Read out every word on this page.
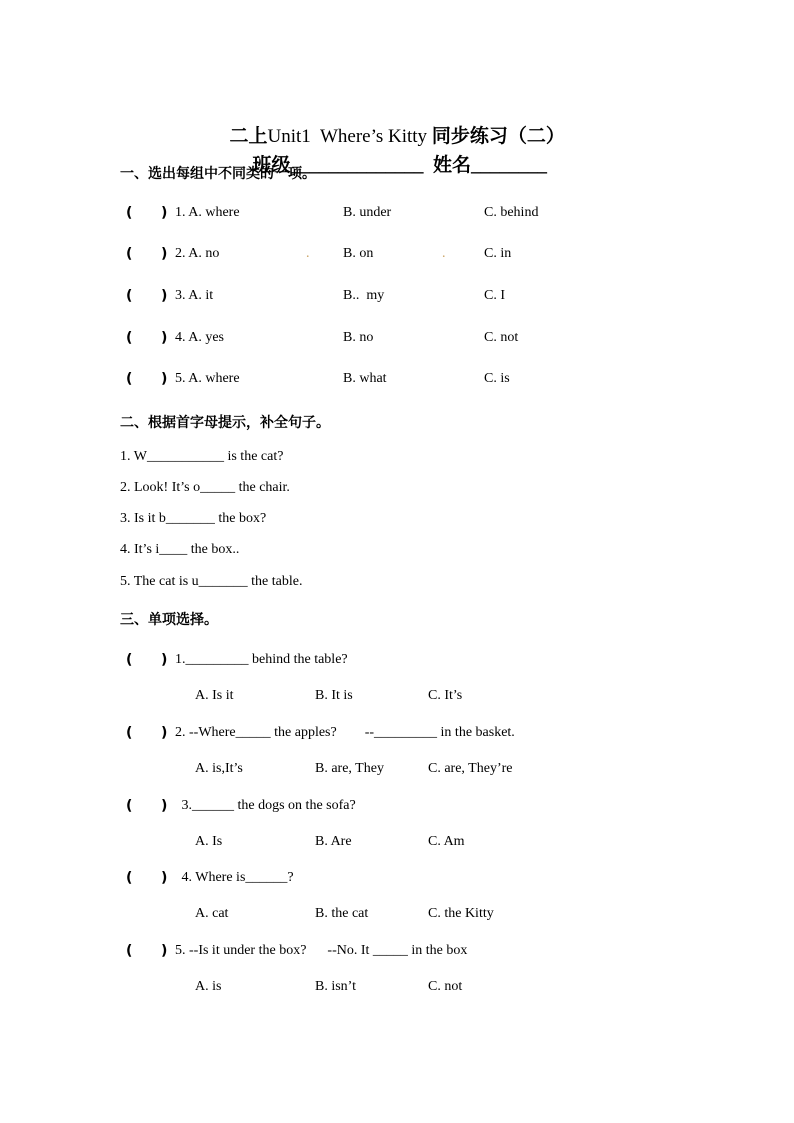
二上Unit1  Where’s Kitty 同步练习（二）

班级______________ 姓名________

一、选出每组中不同类的一项。
( ) 1. A. where	B. under	C. behind
( ) 2. A. no	. B. on	.	C. in
( ) 3. A. it	B..  my	C. I
( ) 4. A. yes	B. no	C. not
( ) 5. A. where	B. what	C. is
二、根据首字母提示，补全句子。
1. W___________ is the cat?
2. Look! It’s o_____ the chair.
3. Is it b_______ the box?
4. It’s i____ the box..
5. The cat is u_______ the table.
三、单项选择。
( ) 1._________ behind the table?
A. Is it	B. It is	C. It’s
( ) 2. --Where_____ the apples?        --_________ in the basket.
A. is,It’s	B. are, They	C. are, They’re
( ) 3.______ the dogs on the sofa?
A. Is	B. Are	C. Am
( ) 4. Where is______?
A. cat	B. the cat	C. the Kitty
( ) 5. --Is it under the box?      --No. It _____ in the box
A. is	B. isn’t	C. not
